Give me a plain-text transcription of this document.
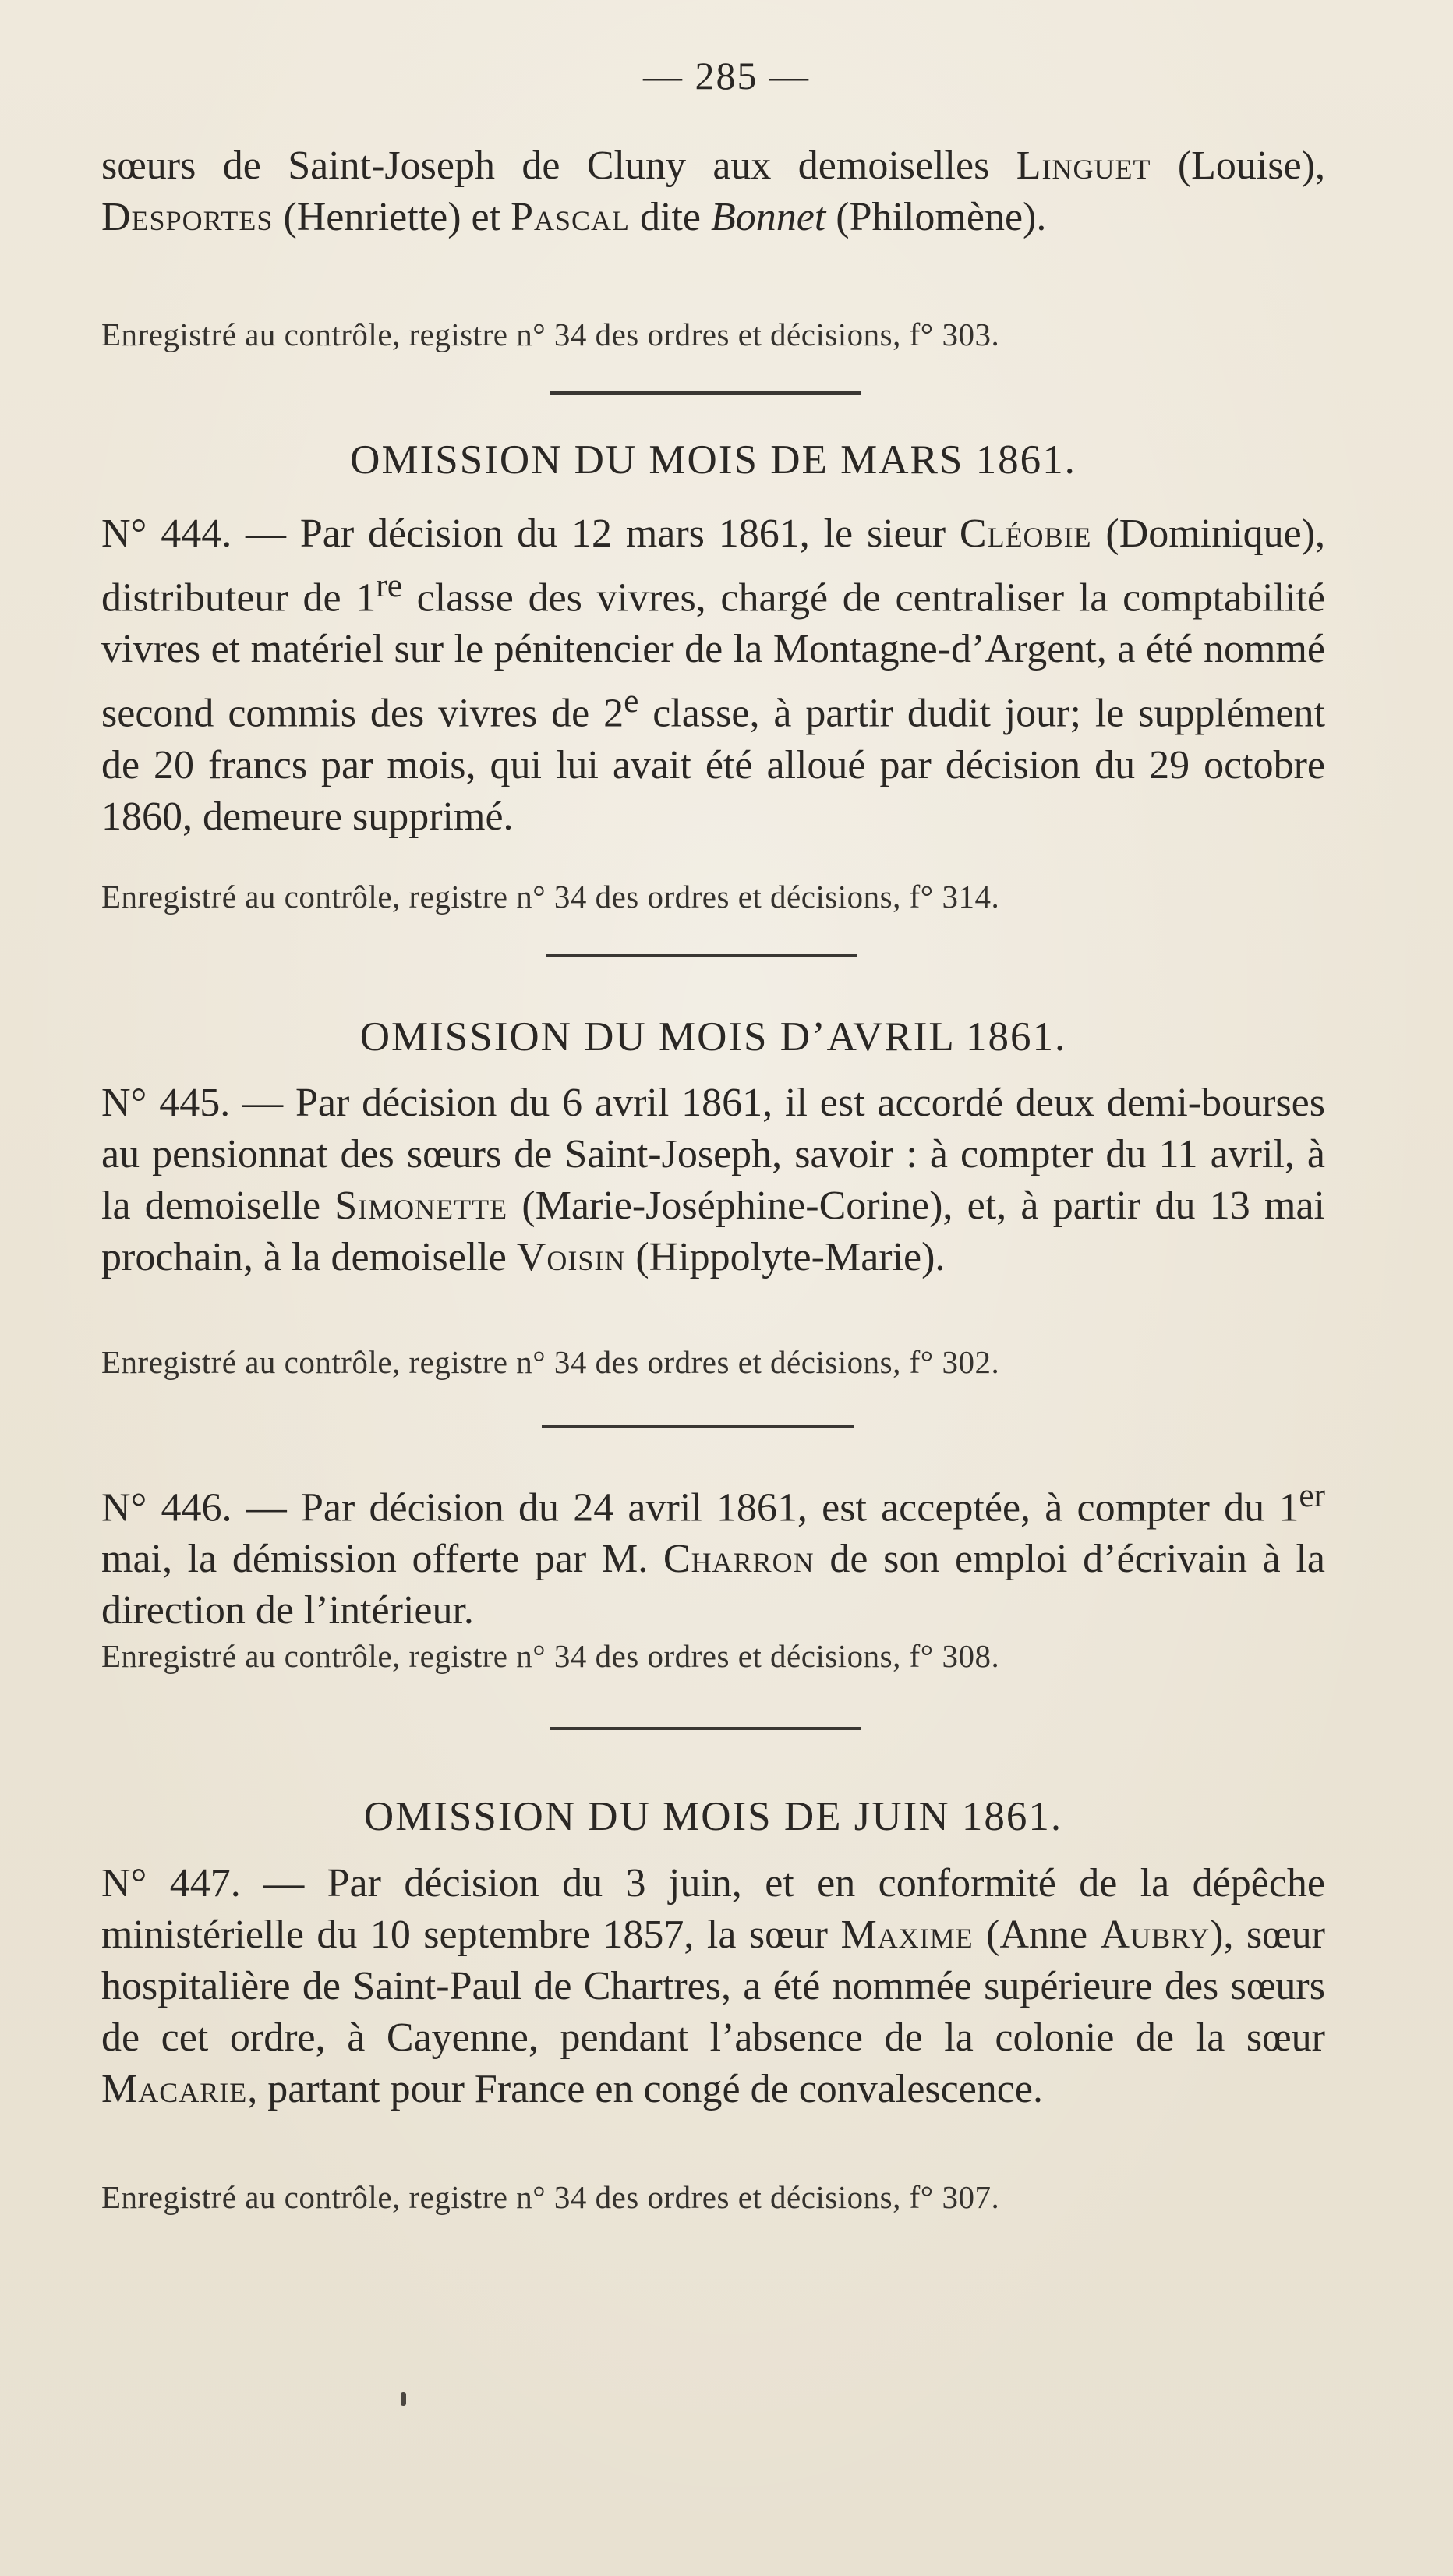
— 285 —
sœurs de Saint-Joseph de Cluny aux demoiselles Linguet (Louise), Desportes (Henriette) et Pascal dite Bonnet (Philomène).
Enregistré au contrôle, registre n° 34 des ordres et décisions, f° 303.
OMISSION DU MOIS DE MARS 1861.
N° 444. — Par décision du 12 mars 1861, le sieur Cléobie (Dominique), distributeur de 1re classe des vivres, chargé de centraliser la comptabilité vivres et matériel sur le pénitencier de la Montagne-d’Argent, a été nommé second commis des vivres de 2e classe, à partir dudit jour; le supplément de 20 francs par mois, qui lui avait été alloué par décision du 29 octobre 1860, demeure supprimé.
Enregistré au contrôle, registre n° 34 des ordres et décisions, f° 314.
OMISSION DU MOIS D’AVRIL 1861.
N° 445. — Par décision du 6 avril 1861, il est accordé deux demi-bourses au pensionnat des sœurs de Saint-Joseph, savoir : à compter du 11 avril, à la demoiselle Simonette (Marie-Joséphine-Corine), et, à partir du 13 mai prochain, à la demoiselle Voisin (Hippolyte-Marie).
Enregistré au contrôle, registre n° 34 des ordres et décisions, f° 302.
N° 446. — Par décision du 24 avril 1861, est acceptée, à compter du 1er mai, la démission offerte par M. Charron de son emploi d’écrivain à la direction de l’intérieur.
Enregistré au contrôle, registre n° 34 des ordres et décisions, f° 308.
OMISSION DU MOIS DE JUIN 1861.
N° 447. — Par décision du 3 juin, et en conformité de la dépêche ministérielle du 10 septembre 1857, la sœur Maxime (Anne Aubry), sœur hospitalière de Saint-Paul de Chartres, a été nommée supérieure des sœurs de cet ordre, à Cayenne, pendant l’absence de la colonie de la sœur Macarie, partant pour France en congé de convalescence.
Enregistré au contrôle, registre n° 34 des ordres et décisions, f° 307.
